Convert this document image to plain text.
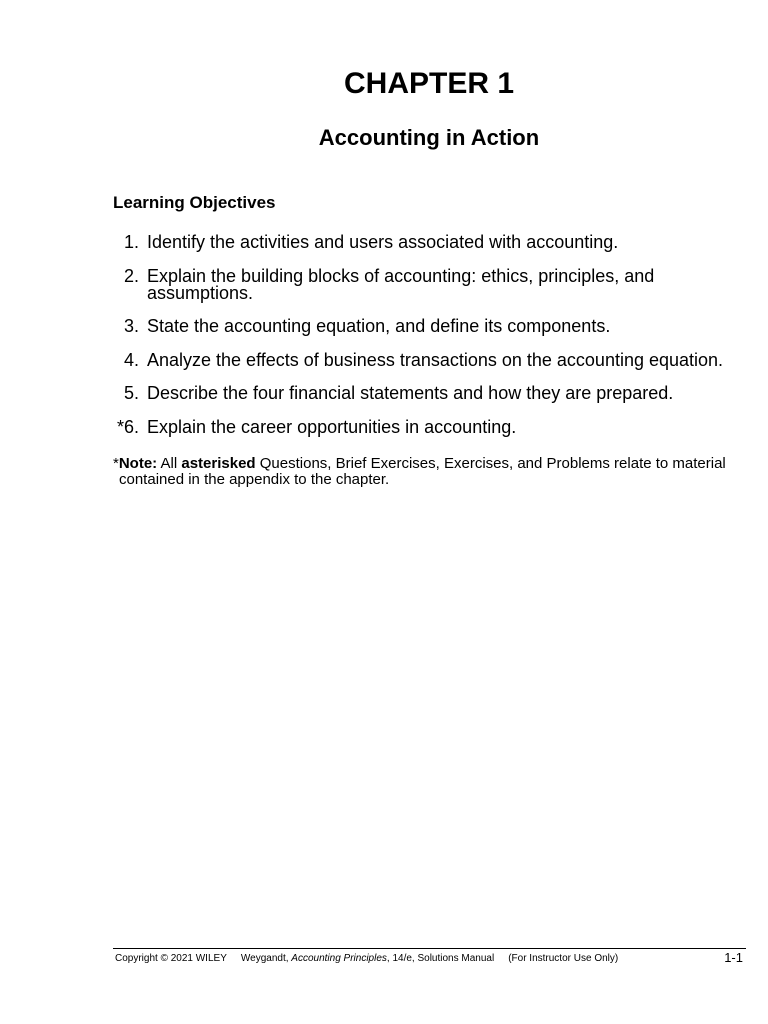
CHAPTER 1
Accounting in Action
Learning Objectives
1. Identify the activities and users associated with accounting.
2. Explain the building blocks of accounting: ethics, principles, and assumptions.
3. State the accounting equation, and define its components.
4. Analyze the effects of business transactions on the accounting equation.
5. Describe the four financial statements and how they are prepared.
*6. Explain the career opportunities in accounting.
*Note: All asterisked Questions, Brief Exercises, Exercises, and Problems relate to material
contained in the appendix to the chapter.
Copyright © 2021 WILEY Weygandt, Accounting Principles, 14/e, Solutions Manual (For Instructor Use Only)	1-1
